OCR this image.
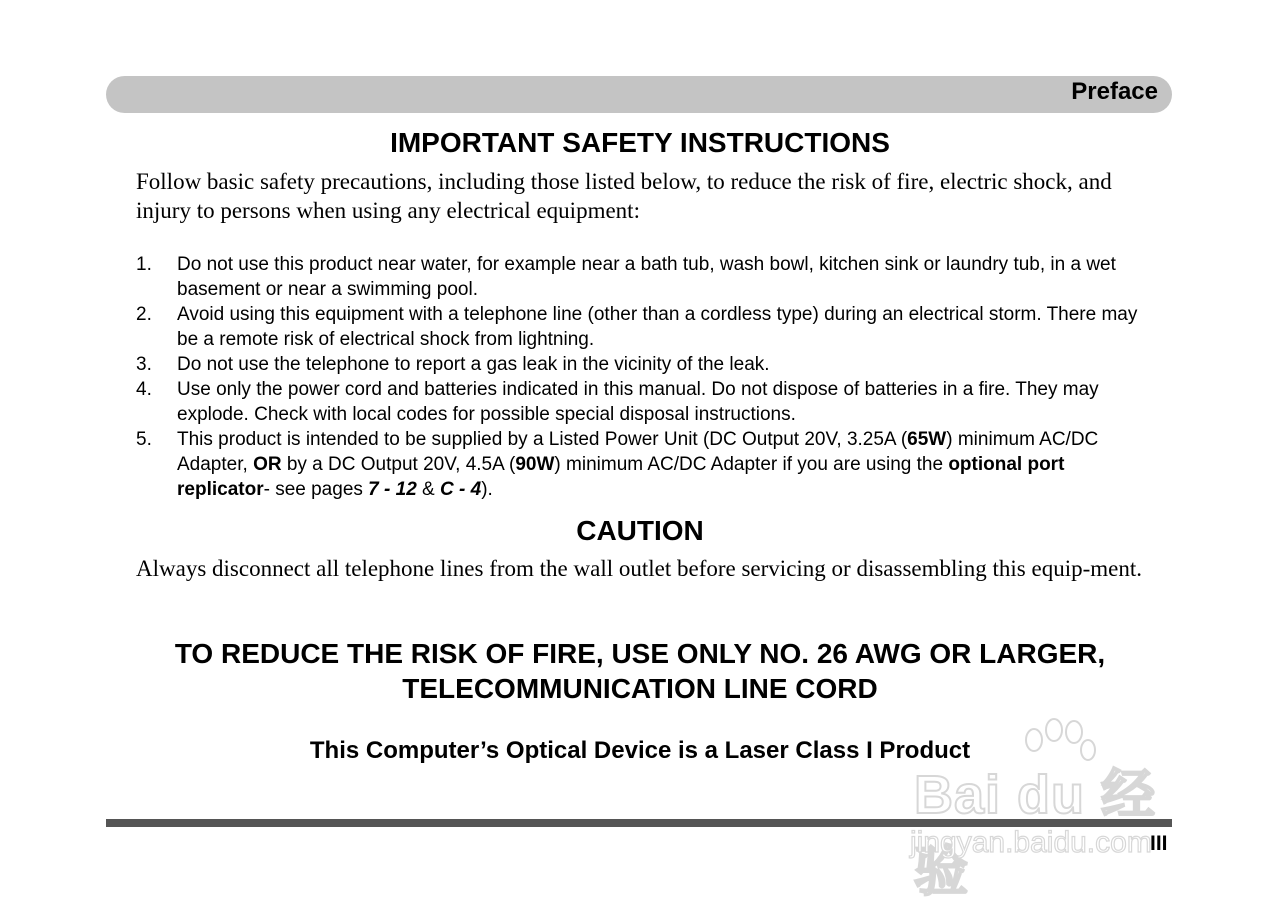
Preface
IMPORTANT SAFETY INSTRUCTIONS

Follow basic safety precautions, including those listed below, to reduce the risk of fire, electric shock, and injury to persons when using any electrical equipment:

1. Do not use this product near water, for example near a bath tub, wash bowl, kitchen sink or laundry tub, in a wet basement or near a swimming pool.
2. Avoid using this equipment with a telephone line (other than a cordless type) during an electrical storm. There may be a remote risk of electrical shock from lightning.
3. Do not use the telephone to report a gas leak in the vicinity of the leak.
4. Use only the power cord and batteries indicated in this manual. Do not dispose of batteries in a fire. They may explode. Check with local codes for possible special disposal instructions.
5. This product is intended to be supplied by a Listed Power Unit (DC Output 20V, 3.25A (65W) minimum AC/DC Adapter, OR by a DC Output 20V, 4.5A (90W) minimum AC/DC Adapter if you are using the optional port replicator- see pages 7 - 12 & C - 4).
CAUTION

Always disconnect all telephone lines from the wall outlet before servicing or disassembling this equip-ment.

TO REDUCE THE RISK OF FIRE, USE ONLY NO. 26 AWG OR LARGER,
TELECOMMUNICATION LINE CORD
This Computer’s Optical Device is a Laser Class I Product
III
Bai du 经验
jingyan.baidu.com
